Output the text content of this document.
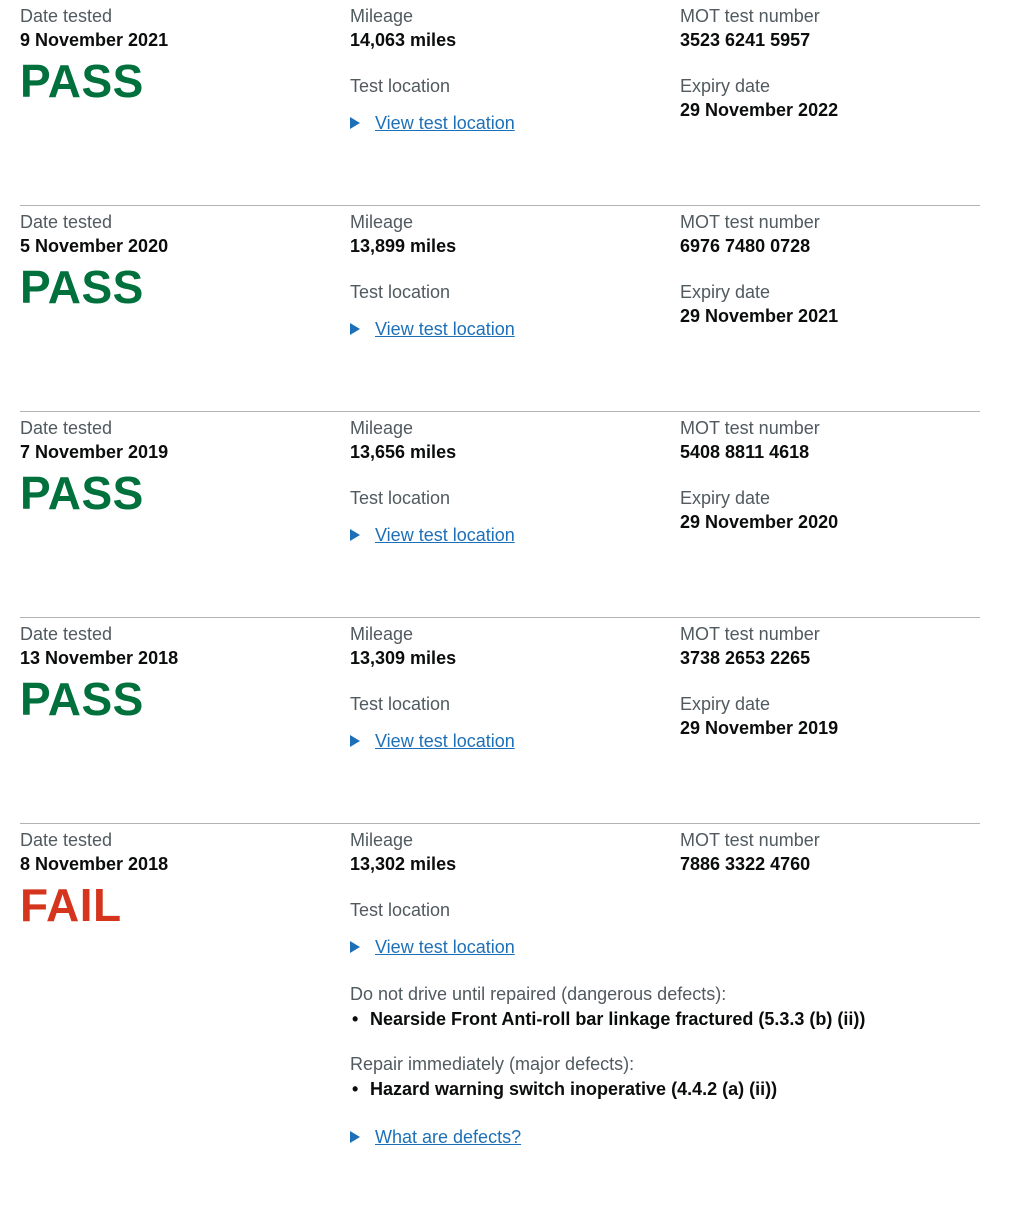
Date tested
9 November 2021
PASS
Mileage
14,063 miles
Test location
View test location
MOT test number
3523 6241 5957
Expiry date
29 November 2022
Date tested
5 November 2020
PASS
Mileage
13,899 miles
Test location
View test location
MOT test number
6976 7480 0728
Expiry date
29 November 2021
Date tested
7 November 2019
PASS
Mileage
13,656 miles
Test location
View test location
MOT test number
5408 8811 4618
Expiry date
29 November 2020
Date tested
13 November 2018
PASS
Mileage
13,309 miles
Test location
View test location
MOT test number
3738 2653 2265
Expiry date
29 November 2019
Date tested
8 November 2018
FAIL
Mileage
13,302 miles
Test location
View test location
Do not drive until repaired (dangerous defects):
• Nearside Front Anti-roll bar linkage fractured (5.3.3 (b) (ii))
Repair immediately (major defects):
• Hazard warning switch inoperative (4.4.2 (a) (ii))
What are defects?
MOT test number
7886 3322 4760
